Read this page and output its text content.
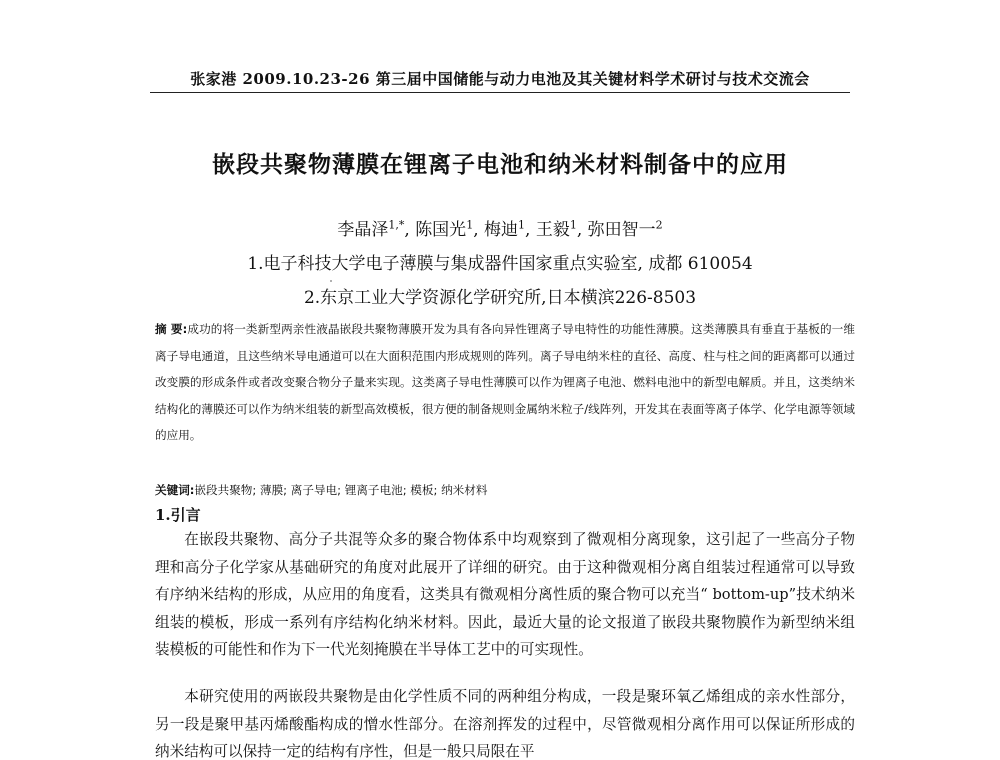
张家港 2009.10.23-26 第三届中国储能与动力电池及其关键材料学术研讨与技术交流会
嵌段共聚物薄膜在锂离子电池和纳米材料制备中的应用
李晶泽$^{1,*}$, 陈国光$^1$, 梅迪$^1$, 王毅$^1$, 弥田智一$^2$
1.电子科技大学电子薄膜与集成器件国家重点实验室, 成都 610054
2.东京工业大学资源化学研究所,日本横滨226-8503
摘 要:成功的将一类新型两亲性液晶嵌段共聚物薄膜开发为具有各向异性锂离子导电特性的功能性薄膜。这类薄膜具有垂直于基板的一维离子导电通道，且这些纳米导电通道可以在大面积范围内形成规则的阵列。离子导电纳米柱的直径、高度、柱与柱之间的距离都可以通过改变膜的形成条件或者改变聚合物分子量来实现。这类离子导电性薄膜可以作为锂离子电池、燃料电池中的新型电解质。并且，这类纳米结构化的薄膜还可以作为纳米组装的新型高效模板，很方便的制备规则金属纳米粒子/线阵列，开发其在表面等离子体学、化学电源等领域的应用。
关键词:嵌段共聚物; 薄膜; 离子导电; 锂离子电池; 模板; 纳米材料
1.引言
在嵌段共聚物、高分子共混等众多的聚合物体系中均观察到了微观相分离现象，这引起了一些高分子物理和高分子化学家从基础研究的角度对此展开了详细的研究。由于这种微观相分离自组装过程通常可以导致有序纳米结构的形成，从应用的角度看，这类具有微观相分离性质的聚合物可以充当“ bottom-up”技术纳米组装的模板，形成一系列有序结构化纳米材料。因此，最近大量的论文报道了嵌段共聚物膜作为新型纳米组装模板的可能性和作为下一代光刻掩膜在半导体工艺中的可实现性。
本研究使用的两嵌段共聚物是由化学性质不同的两种组分构成，一段是聚环氧乙烯组成的亲水性部分，另一段是聚甲基丙烯酸酯构成的憎水性部分。在溶剂挥发的过程中，尽管微观相分离作用可以保证所形成的纳米结构可以保持一定的结构有序性，但是一般只局限在平
